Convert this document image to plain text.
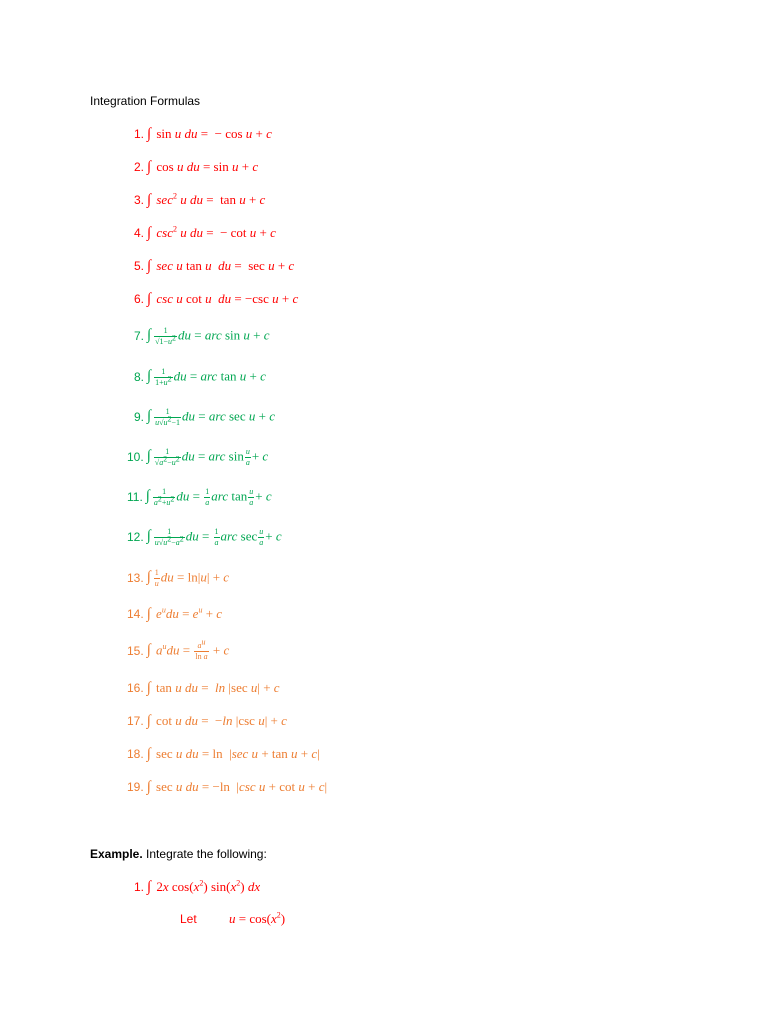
Integration Formulas
1. ∫ sin u du =  − cos u + c
2. ∫ cos u du = sin u + c
3. ∫ $\sec^2 u$ du =  tan u + c
4. ∫ $\csc^2 u$ du =  − cot u + c
5. ∫ sec u tan u du =  sec u + c
6. ∫ csc u cot u du = −csc u + c
7. ∫ $\frac{1}{√1-u^2}$ du = arc sin u + c
8. ∫ $\frac{1}{1+u^2}$ du = arc tan u + c
9. ∫ $\frac{1}{u√u^2-1}$ du = arc sec u + c
10. ∫ $\frac{1}{√a^2-u^2}$ du = arc $\sin \frac{u}{a} + c$
11. ∫ $\frac{1}{a^2+u^2}$ du = $\frac{1}{a}$ arc $\tan \frac{u}{a} + c$
12. ∫ $\frac{1}{u√u^2-a^2}$ du = $\frac{1}{a}$ arc $\sec \frac{u}{a} + c$
13. ∫ $\frac{1}{u}$ du = ln|u| + c
14. ∫ $e^udu = e^u + c$
15. ∫ $a^udu = \frac{a^u}{\text{ln a}} + c$
16. ∫ tan u du =  ln |sec u| + c
17. ∫ cot u du =  −ln |csc u| + c
18. ∫ sec u du = ln  |sec u + tan u + c|
19. ∫ sec u du = −ln  |csc u + cot u + c|
Example. Integrate the following:
1. ∫ 2x $\cos(x^2)$ $\sin(x^2)$ dx
Let $u = \cos(x^2)$
